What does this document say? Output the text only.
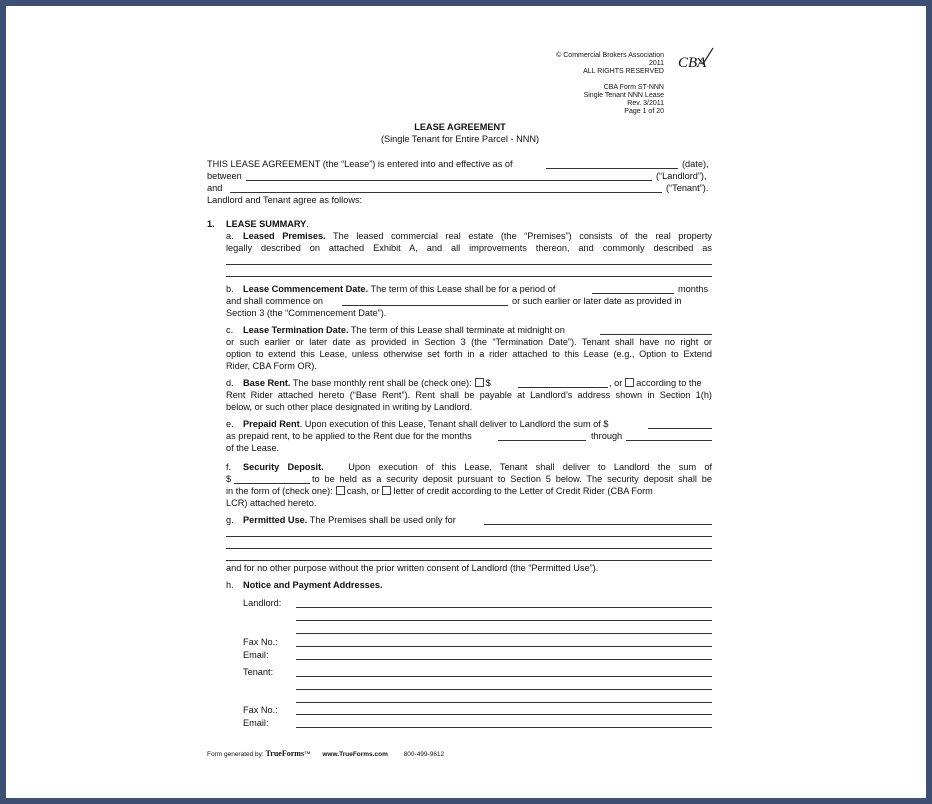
© Commercial Brokers Association
2011
ALL RIGHTS RESERVED
CBA
CBA Form ST-NNN
Single Tenant NNN Lease
Rev. 3/2011
Page 1 of 20
LEASE AGREEMENT
(Single Tenant for Entire Parcel - NNN)
THIS LEASE AGREEMENT (the “Lease”) is entered into and effective as of	(date),
between	(“Landlord”),
and	(“Tenant”).
Landlord and Tenant agree as follows:
1. LEASE SUMMARY.
a. Leased Premises. The leased commercial real estate (the “Premises”) consists of the real property
legally described on attached Exhibit A, and all improvements thereon, and commonly described as
b. Lease Commencement Date. The term of this Lease shall be for a period of	months
and shall commence on	or such earlier or later date as provided in
Section 3 (the “Commencement Date”).
c. Lease Termination Date. The term of this Lease shall terminate at midnight on
or such earlier or later date as provided in Section 3 (the “Termination Date”). Tenant shall have no right or
option to extend this Lease, unless otherwise set forth in a rider attached to this Lease (e.g., Option to Extend
Rider, CBA Form OR).
d. Base Rent. The base monthly rent shall be (check one): $	, or according to the
Rent Rider attached hereto (“Base Rent”). Rent shall be payable at Landlord’s address shown in Section 1(h)
below, or such other place designated in writing by Landlord.
e. Prepaid Rent. Upon execution of this Lease, Tenant shall deliver to Landlord the sum of $
as prepaid rent, to be applied to the Rent due for the months	through
of the Lease.
f. Security Deposit.	Upon execution of this Lease, Tenant shall deliver to Landlord the sum of
$	to be held as a security deposit pursuant to Section 5 below. The security deposit shall be
in the form of (check one): cash, or letter of credit according to the Letter of Credit Rider (CBA Form
LCR) attached hereto.
g. Permitted Use. The Premises shall be used only for
and for no other purpose without the prior written consent of Landlord (the “Permitted Use”).
h. Notice and Payment Addresses.
Landlord:
Fax No.:
Email:
Tenant:
Fax No.:
Email:
Form generated by: TrueForms™ www.TrueForms.com 800-499-9612
